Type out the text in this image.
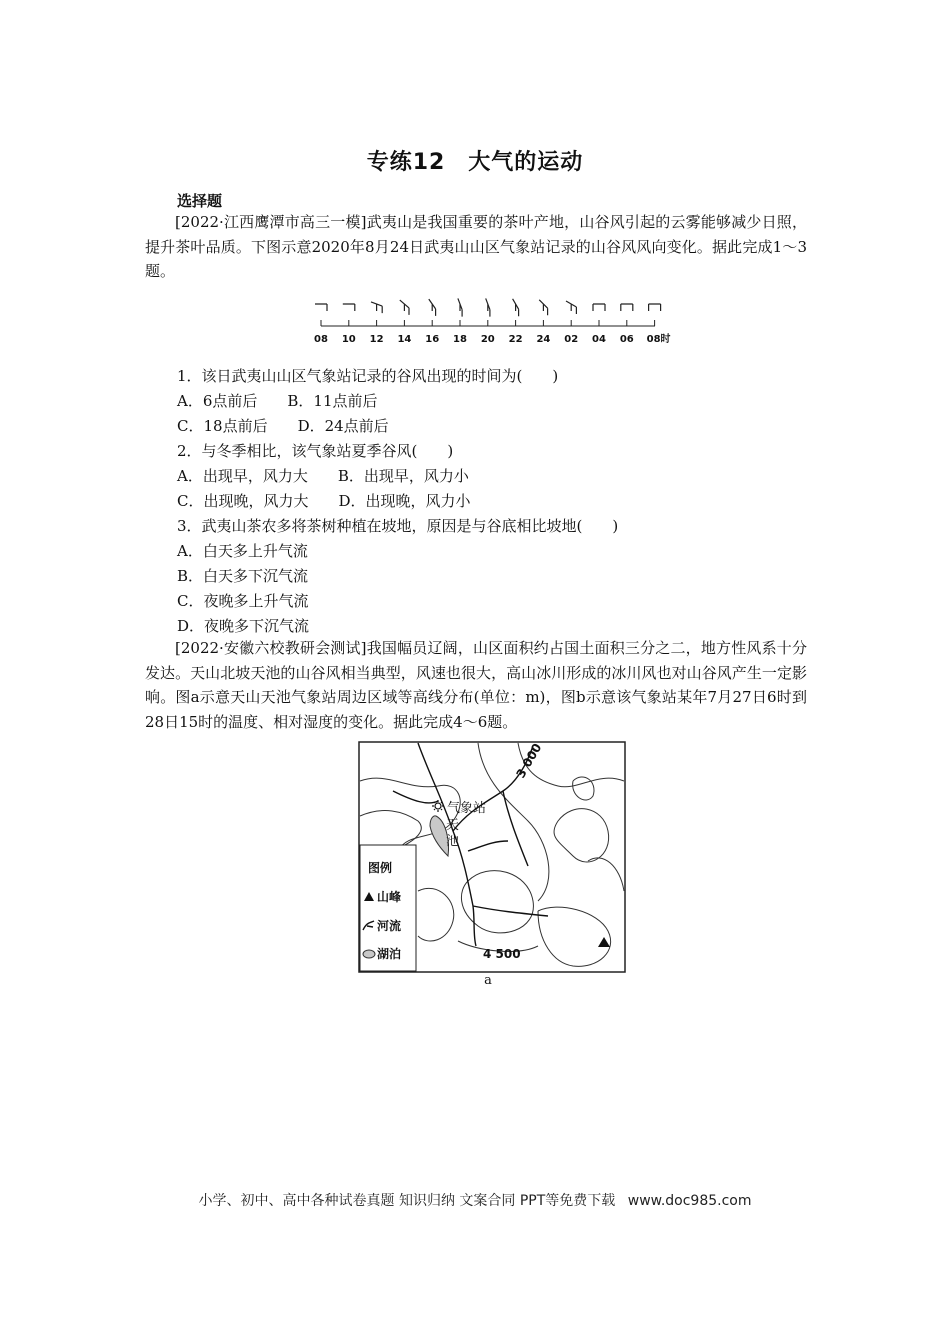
专练12　大气的运动
选择题
[2022·江西鹰潭市高三一模]武夷山是我国重要的茶叶产地，山谷风引起的云雾能够减少日照，提升茶叶品质。下图示意2020年8月24日武夷山山区气象站记录的山谷风风向变化。据此完成1～3题。
08 10 12 14 16 18 20 22 24 02 04 06 08时
1．该日武夷山山区气象站记录的谷风出现的时间为(　　)
A．6点前后　　B．11点前后
C．18点前后　　D．24点前后
2．与冬季相比，该气象站夏季谷风(　　)
A．出现早，风力大　　B．出现早，风力小
C．出现晚，风力大　　D．出现晚，风力小
3．武夷山茶农多将茶树种植在坡地，原因是与谷底相比坡地(　　)
A．白天多上升气流
B．白天多下沉气流
C．夜晚多上升气流
D．夜晚多下沉气流
[2022·安徽六校教研会测试]我国幅员辽阔，山区面积约占国土面积三分之二，地方性风系十分发达。天山北坡天池的山谷风相当典型，风速也很大，高山冰川形成的冰川风也对山谷风产生一定影响。图a示意天山天池气象站周边区域等高线分布(单位：m)，图b示意该气象站某年7月27日6时到28日15时的温度、相对湿度的变化。据此完成4～6题。
气象站
天
池
3 000
4 500
图例
山峰
河流
湖泊
a
小学、初中、高中各种试卷真题 知识归纳 文案合同 PPT等免费下载 www.doc985.com
